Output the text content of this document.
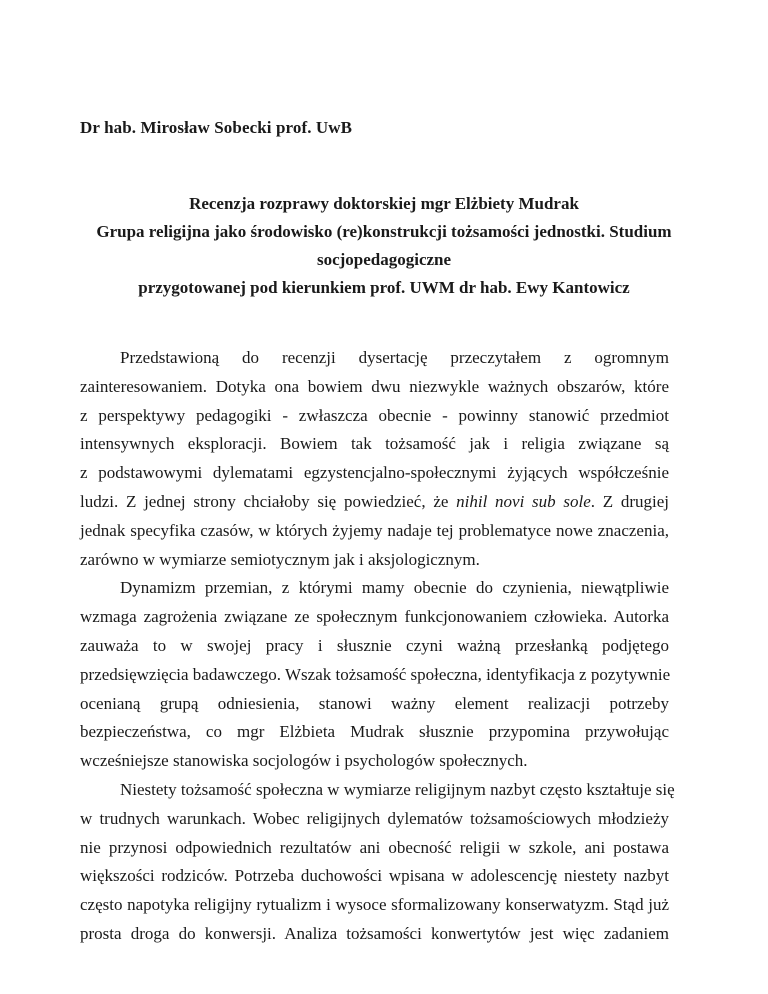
Dr hab. Mirosław Sobecki prof. UwB
Recenzja rozprawy doktorskiej mgr Elżbiety Mudrak
Grupa religijna jako środowisko (re)konstrukcji tożsamości jednostki. Studium
socjopedagogiczne
przygotowanej pod kierunkiem prof. UWM dr hab. Ewy Kantowicz

Przedstawioną do recenzji dysertację przeczytałem z ogromnym
zainteresowaniem. Dotyka ona bowiem dwu niezwykle ważnych obszarów, które
z perspektywy pedagogiki - zwłaszcza obecnie - powinny stanowić przedmiot
intensywnych eksploracji. Bowiem tak tożsamość jak i religia związane są
z podstawowymi dylematami egzystencjalno-społecznymi żyjących współcześnie
ludzi. Z jednej strony chciałoby się powiedzieć, że nihil novi sub sole. Z drugiej
jednak specyfika czasów, w których żyjemy nadaje tej problematyce nowe znaczenia,
zarówno w wymiarze semiotycznym jak i aksjologicznym.

Dynamizm przemian, z którymi mamy obecnie do czynienia, niewątpliwie
wzmaga zagrożenia związane ze społecznym funkcjonowaniem człowieka. Autorka
zauważa to w swojej pracy i słusznie czyni ważną przesłanką podjętego
przedsięwzięcia badawczego. Wszak tożsamość społeczna, identyfikacja z pozytywnie
ocenianą grupą odniesienia, stanowi ważny element realizacji potrzeby
bezpieczeństwa, co mgr Elżbieta Mudrak słusznie przypomina przywołując
wcześniejsze stanowiska socjologów i psychologów społecznych.

Niestety tożsamość społeczna w wymiarze religijnym nazbyt często kształtuje się
w trudnych warunkach. Wobec religijnych dylematów tożsamościowych młodzieży
nie przynosi odpowiednich rezultatów ani obecność religii w szkole, ani postawa
większości rodziców. Potrzeba duchowości wpisana w adolescencję niestety nazbyt
często napotyka religijny rytualizm i wysoce sformalizowany konserwatyzm. Stąd już
prosta droga do konwersji. Analiza tożsamości konwertytów jest więc zadaniem
